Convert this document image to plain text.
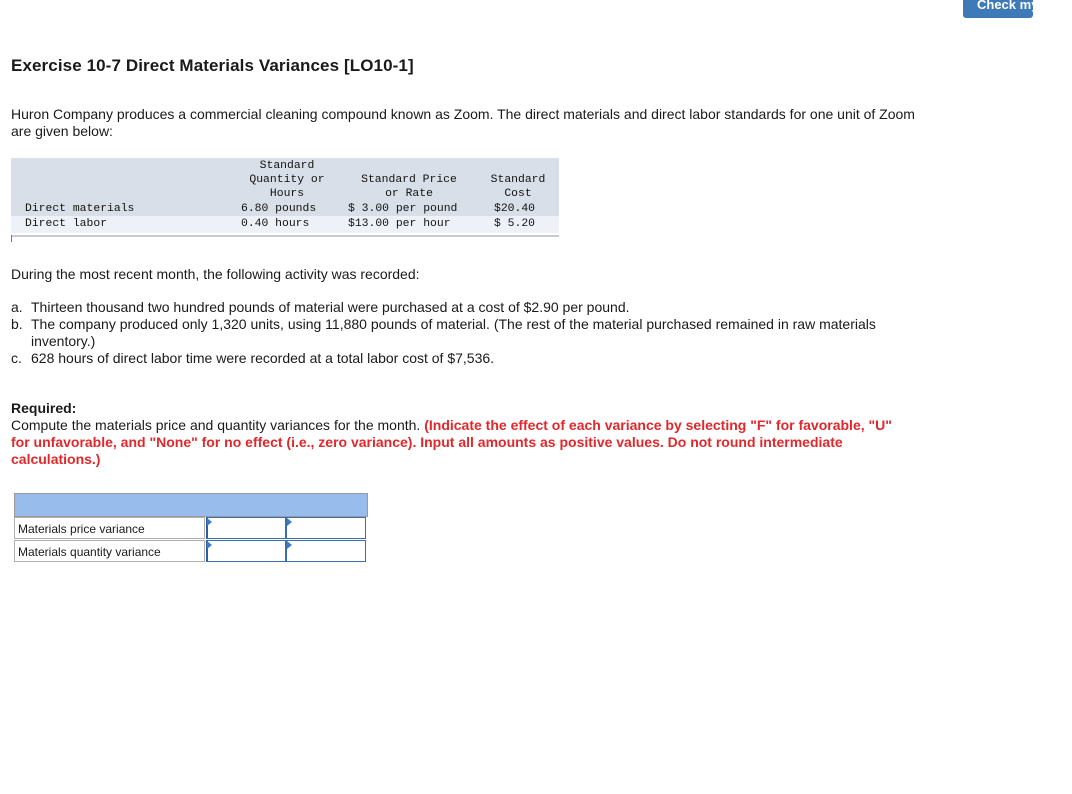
Check my work
Exercise 10-7 Direct Materials Variances [LO10-1]

Huron Company produces a commercial cleaning compound known as Zoom. The direct materials and direct labor standards for one unit of Zoom are given below:

Standard
Quantity or
Hours
Standard Price
or Rate
Standard
Cost
Direct materials	6.80 pounds	$ 3.00 per pound	$20.40
Direct labor	0.40 hours	$13.00 per hour	$ 5.20

During the most recent month, the following activity was recorded:

a. Thirteen thousand two hundred pounds of material were purchased at a cost of $2.90 per pound.
b. The company produced only 1,320 units, using 11,880 pounds of material. (The rest of the material purchased remained in raw materials inventory.)
c. 628 hours of direct labor time were recorded at a total labor cost of $7,536.
Required:
Compute the materials price and quantity variances for the month. (Indicate the effect of each variance by selecting "F" for favorable, "U" for unfavorable, and "None" for no effect (i.e., zero variance). Input all amounts as positive values. Do not round intermediate calculations.)
Materials price variance
Materials quantity variance
